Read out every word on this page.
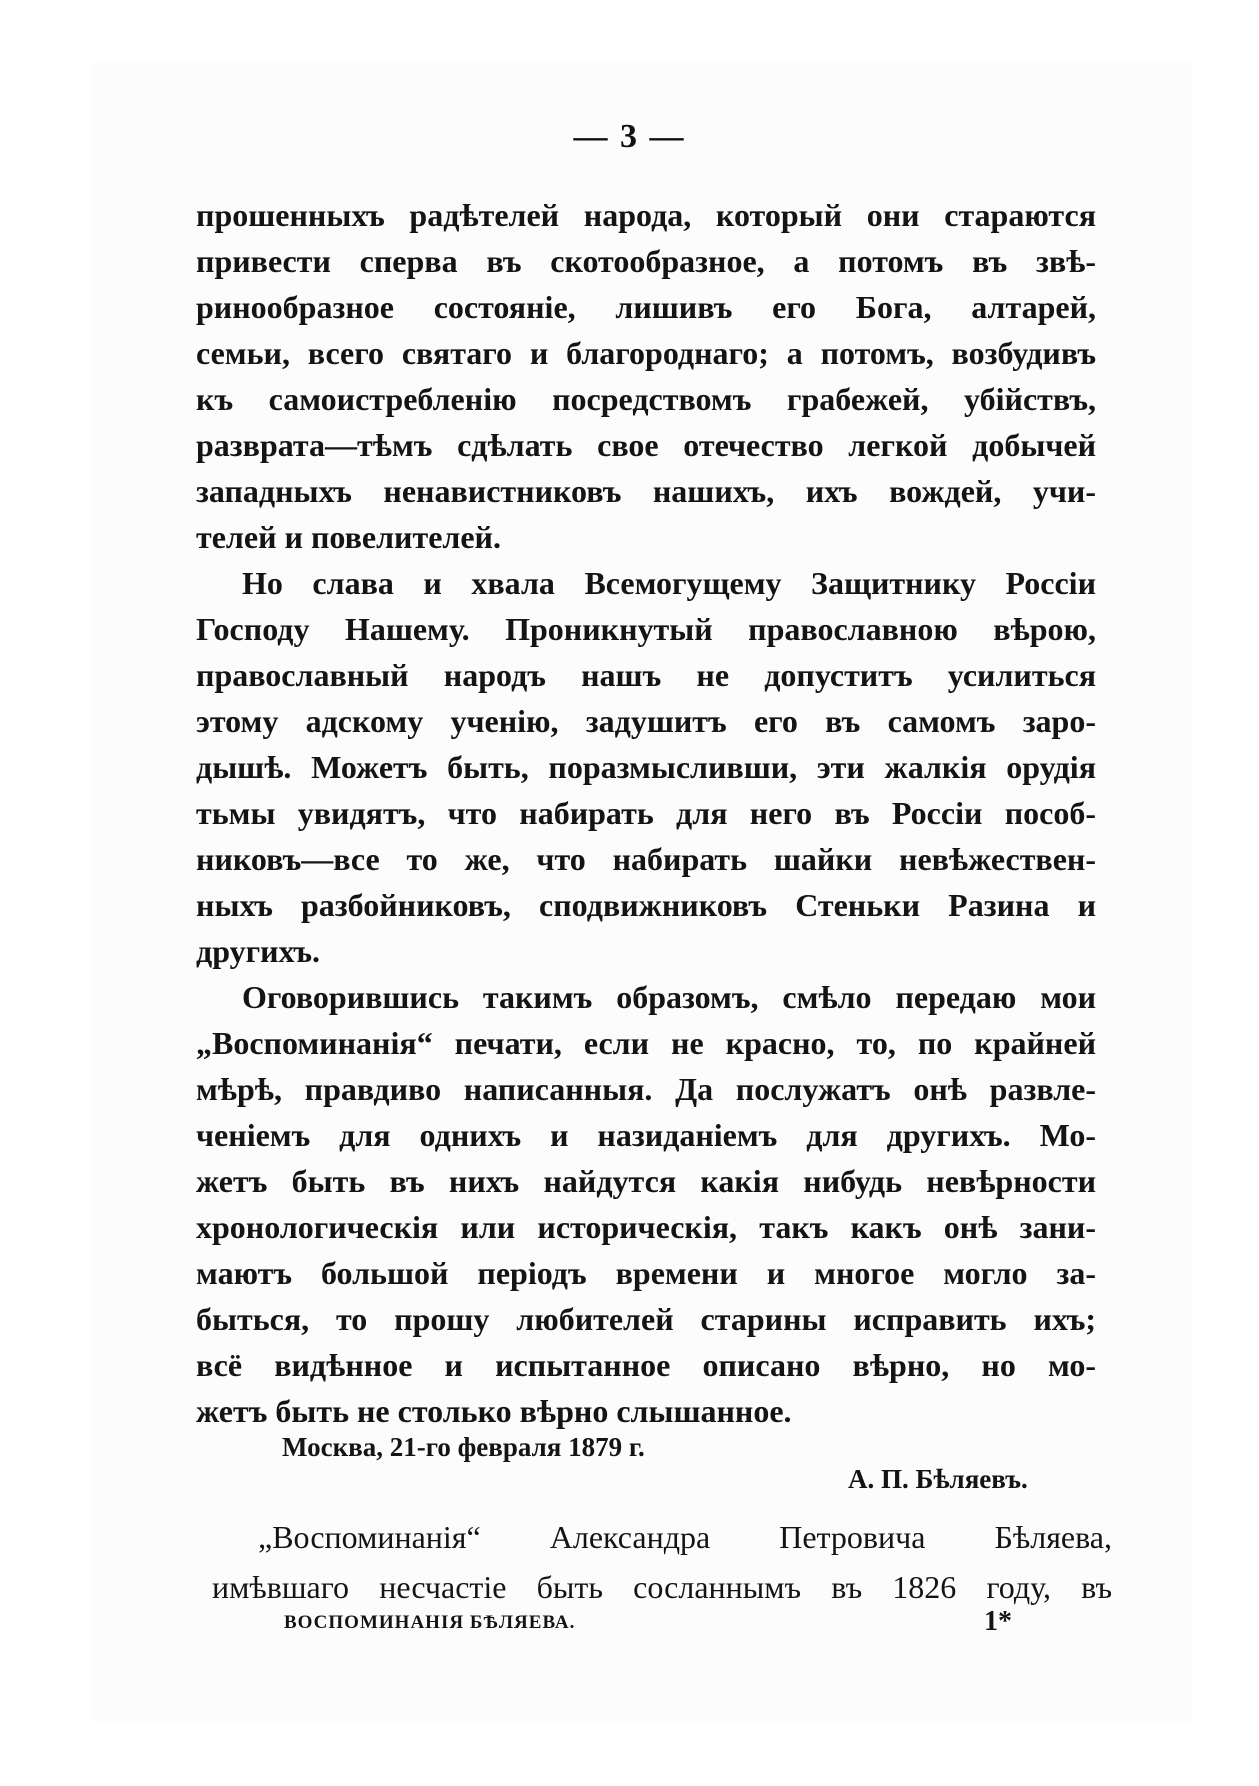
— 3 —
прошенныхъ радѣтелей народа, который они стараются
привести сперва въ скотообразное, а потомъ въ звѣ-
ринообразное состояніе, лишивъ его Бога, алтарей,
семьи, всего святаго и благороднаго; а потомъ, возбудивъ
къ самоистребленію посредствомъ грабежей, убійствъ,
разврата—тѣмъ сдѣлать свое отечество легкой добычей
западныхъ ненавистниковъ нашихъ, ихъ вождей, учи-
телей и повелителей.
Но слава и хвала Всемогущему Защитнику Россіи
Господу Нашему. Проникнутый православною вѣрою,
православный народъ нашъ не допуститъ усилиться
этому адскому ученію, задушитъ его въ самомъ заро-
дышѣ. Можетъ быть, поразмысливши, эти жалкія орудія
тьмы увидятъ, что набирать для него въ Россіи пособ-
никовъ—все то же, что набирать шайки невѣжествен-
ныхъ разбойниковъ, сподвижниковъ Стеньки Разина и
другихъ.
Оговорившись такимъ образомъ, смѣло передаю мои
„Воспоминанія“ печати, если не красно, то, по крайней
мѣрѣ, правдиво написанныя. Да послужатъ онѣ развле-
ченіемъ для однихъ и назиданіемъ для другихъ. Мо-
жетъ быть въ нихъ найдутся какія нибудь невѣрности
хронологическія или историческія, такъ какъ онѣ зани-
маютъ большой періодъ времени и многое могло за-
быться, то прошу любителей старины исправить ихъ;
всё видѣнное и испытанное описано вѣрно, но мо-
жетъ быть не столько вѣрно слышанное.
Москва, 21-го февраля 1879 г.
А. П. Бѣляевъ.
„Воспоминанія“ Александра Петровича Бѣляева,
имѣвшаго несчастіе быть сосланнымъ въ 1826 году, въ
ВОСПОМИНАНІЯ БѢЛЯЕВА.	1*
